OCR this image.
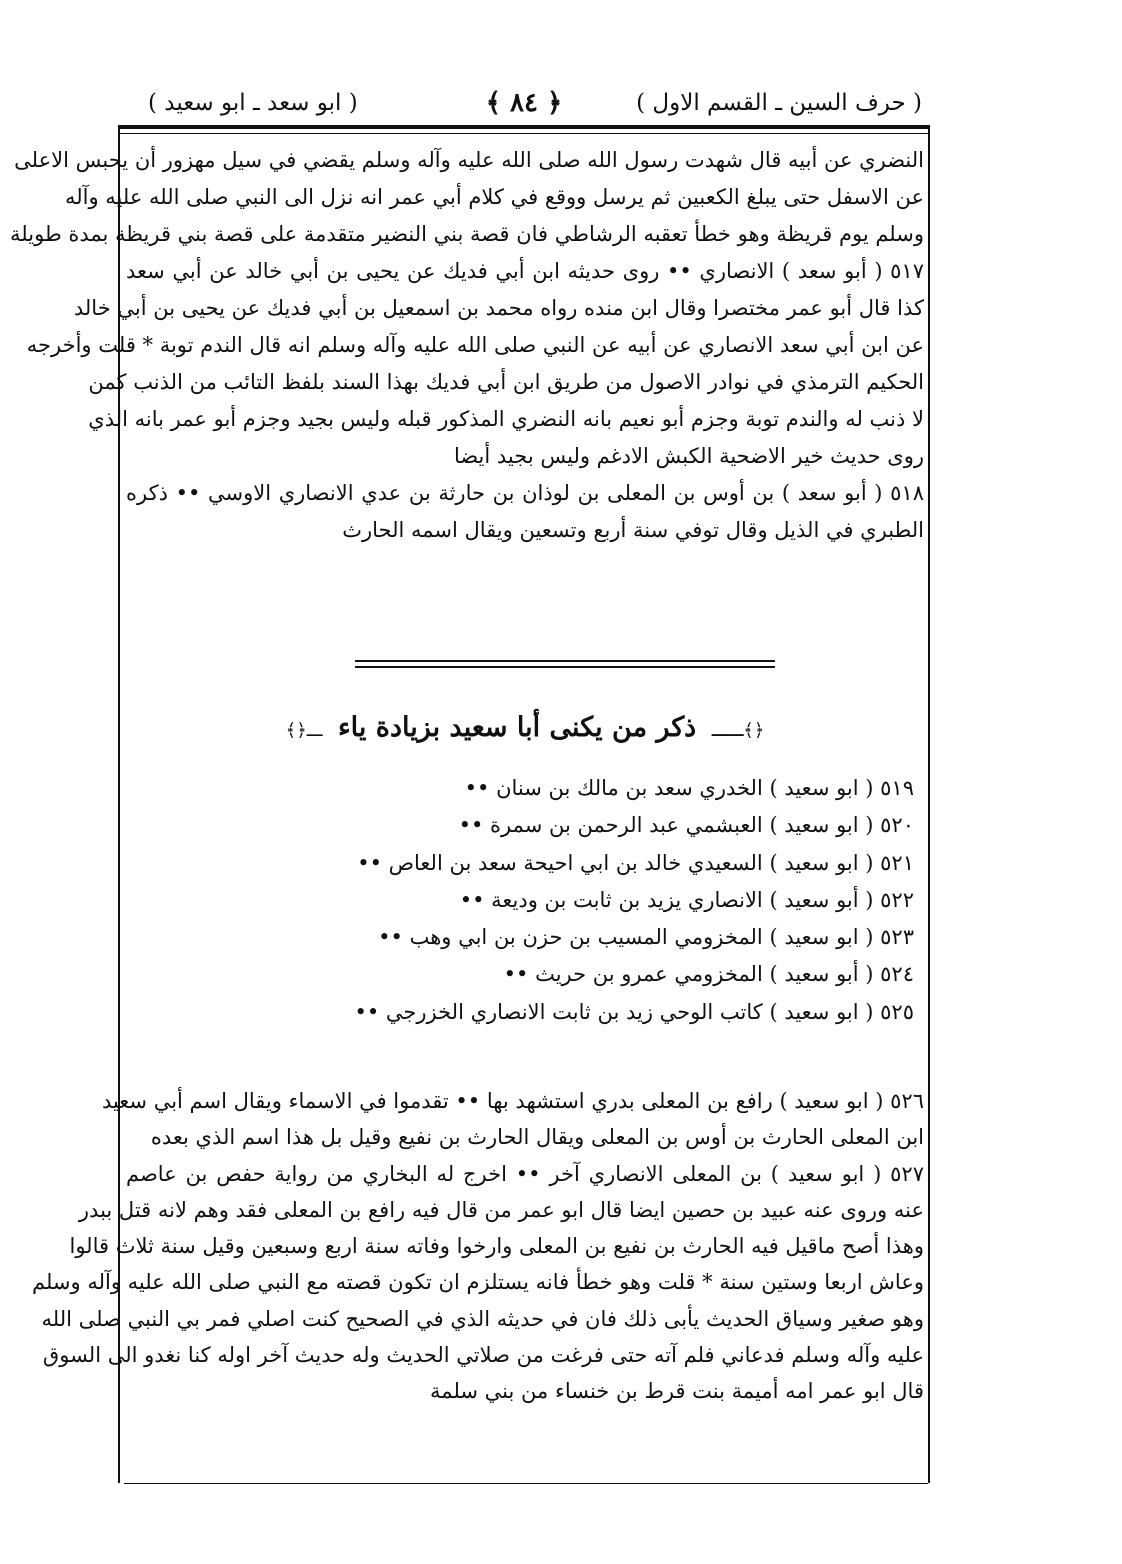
( حرف السين ـ القسم الاول )
﴿ ٨٤ ﴾
( ابو سعد ـ ابو سعيد )
النضري عن أبيه قال شهدت رسول الله صلى الله عليه وآله وسلم يقضي في سيل مهزور أن يحبس الاعلى
عن الاسفل حتى يبلغ الكعبين ثم يرسل ووقع في كلام أبي عمر انه نزل الى النبي صلى الله عليه وآله
وسلم يوم قريظة وهو خطأ تعقبه الرشاطي فان قصة بني النضير متقدمة على قصة بني قريظة بمدة طويلة
٥١٧ ( أبو سعد ) الانصاري •• روى حديثه ابن أبي فديك عن يحيى بن أبي خالد عن أبي سعد
كذا قال أبو عمر مختصرا وقال ابن منده رواه محمد بن اسمعيل بن أبي فديك عن يحيى بن أبي خالد
عن ابن أبي سعد الانصاري عن أبيه عن النبي صلى الله عليه وآله وسلم انه قال الندم توبة * قلت وأخرجه
الحكيم الترمذي في نوادر الاصول من طريق ابن أبي فديك بهذا السند بلفظ التائب من الذنب كمن
لا ذنب له والندم توبة وجزم أبو نعيم بانه النضري المذكور قبله وليس بجيد وجزم أبو عمر بانه الذي
روى حديث خير الاضحية الكبش الادغم وليس بجيد أيضا
٥١٨ ( أبو سعد ) بن أوس بن المعلى بن لوذان بن حارثة بن عدي الانصاري الاوسي •• ذكره
الطبري في الذيل وقال توفي سنة أربع وتسعين ويقال اسمه الحارث
﴿﴾ـــ ذكر من يكنى أبا سعيد بزيادة ياء ـــ﴿﴾
٥١٩ ( ابو سعيد ) الخدري سعد بن مالك بن سنان ••
٥٢٠ ( ابو سعيد ) العبشمي عبد الرحمن بن سمرة ••
٥٢١ ( ابو سعيد ) السعيدي خالد بن ابي احيحة سعد بن العاص ••
٥٢٢ ( أبو سعيد ) الانصاري يزيد بن ثابت بن وديعة ••
٥٢٣ ( ابو سعيد ) المخزومي المسيب بن حزن بن ابي وهب ••
٥٢٤ ( أبو سعيد ) المخزومي عمرو بن حريث ••
٥٢٥ ( ابو سعيد ) كاتب الوحي زيد بن ثابت الانصاري الخزرجي ••
٥٢٦ ( ابو سعيد ) رافع بن المعلى بدري استشهد بها •• تقدموا في الاسماء ويقال اسم أبي سعيد
ابن المعلى الحارث بن أوس بن المعلى ويقال الحارث بن نفيع وقيل بل هذا اسم الذي بعده
٥٢٧ ( ابو سعيد ) بن المعلى الانصاري آخر •• اخرج له البخاري من رواية حفص بن عاصم
عنه وروى عنه عبيد بن حصين ايضا قال ابو عمر من قال فيه رافع بن المعلى فقد وهم لانه قتل ببدر
وهذا أصح ماقيل فيه الحارث بن نفيع بن المعلى وارخوا وفاته سنة اربع وسبعين وقيل سنة ثلاث قالوا
وعاش اربعا وستين سنة * قلت وهو خطأ فانه يستلزم ان تكون قصته مع النبي صلى الله عليه وآله وسلم
وهو صغير وسياق الحديث يأبى ذلك فان في حديثه الذي في الصحيح كنت اصلي فمر بي النبي صلى الله
عليه وآله وسلم فدعاني فلم آته حتى فرغت من صلاتي الحديث وله حديث آخر اوله كنا نغدو الى السوق
قال ابو عمر امه أميمة بنت قرط بن خنساء من بني سلمة
